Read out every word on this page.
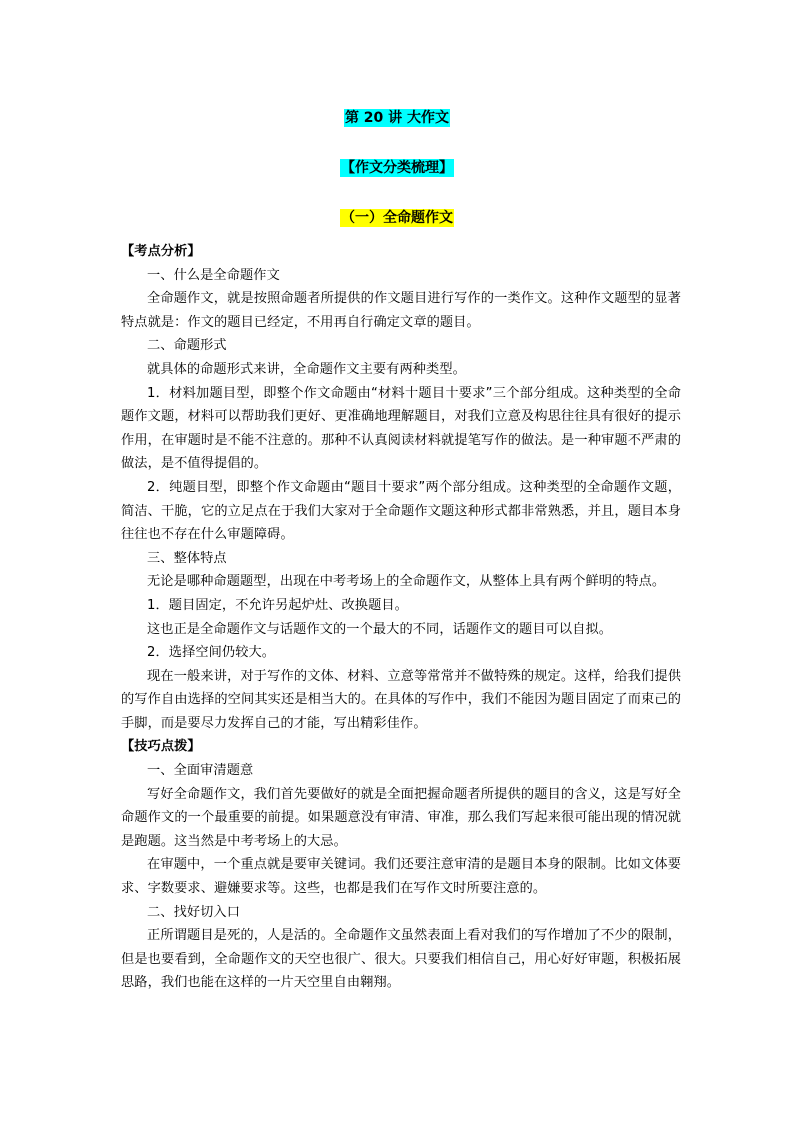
第 20 讲 大作文
【作文分类梳理】
（一）全命题作文

【考点分析】

一、什么是全命题作文

全命题作文，就是按照命题者所提供的作文题目进行写作的一类作文。这种作文题型的显著特点就是：作文的题目已经定，不用再自行确定文章的题目。

二、命题形式

就具体的命题形式来讲，全命题作文主要有两种类型。

1．材料加题目型，即整个作文命题由“材料十题目十要求”三个部分组成。这种类型的全命题作文题，材料可以帮助我们更好、更准确地理解题目，对我们立意及构思往往具有很好的提示作用，在审题时是不能不注意的。那种不认真阅读材料就提笔写作的做法。是一种审题不严肃的做法，是不值得提倡的。

2．纯题目型，即整个作文命题由“题目十要求”两个部分组成。这种类型的全命题作文题，简洁、干脆，它的立足点在于我们大家对于全命题作文题这种形式都非常熟悉，并且，题目本身往往也不存在什么审题障碍。

三、整体特点

无论是哪种命题题型，出现在中考考场上的全命题作文，从整体上具有两个鲜明的特点。

1．题目固定，不允许另起炉灶、改换题目。

这也正是全命题作文与话题作文的一个最大的不同，话题作文的题目可以自拟。

2．选择空间仍较大。

现在一般来讲，对于写作的文体、材料、立意等常常并不做特殊的规定。这样，给我们提供的写作自由选择的空间其实还是相当大的。在具体的写作中，我们不能因为题目固定了而束己的手脚，而是要尽力发挥自己的才能，写出精彩佳作。

【技巧点拨】

一、全面审清题意

写好全命题作文，我们首先要做好的就是全面把握命题者所提供的题目的含义，这是写好全命题作文的一个最重要的前提。如果题意没有审清、审准，那么我们写起来很可能出现的情况就是跑题。这当然是中考考场上的大忌。

在审题中，一个重点就是要审关键词。我们还要注意审清的是题目本身的限制。比如文体要求、字数要求、避嫌要求等。这些，也都是我们在写作文时所要注意的。

二、找好切入口

正所谓题目是死的，人是活的。全命题作文虽然表面上看对我们的写作增加了不少的限制，但是也要看到，全命题作文的天空也很广、很大。只要我们相信自己，用心好好审题，积极拓展思路，我们也能在这样的一片天空里自由翱翔。
